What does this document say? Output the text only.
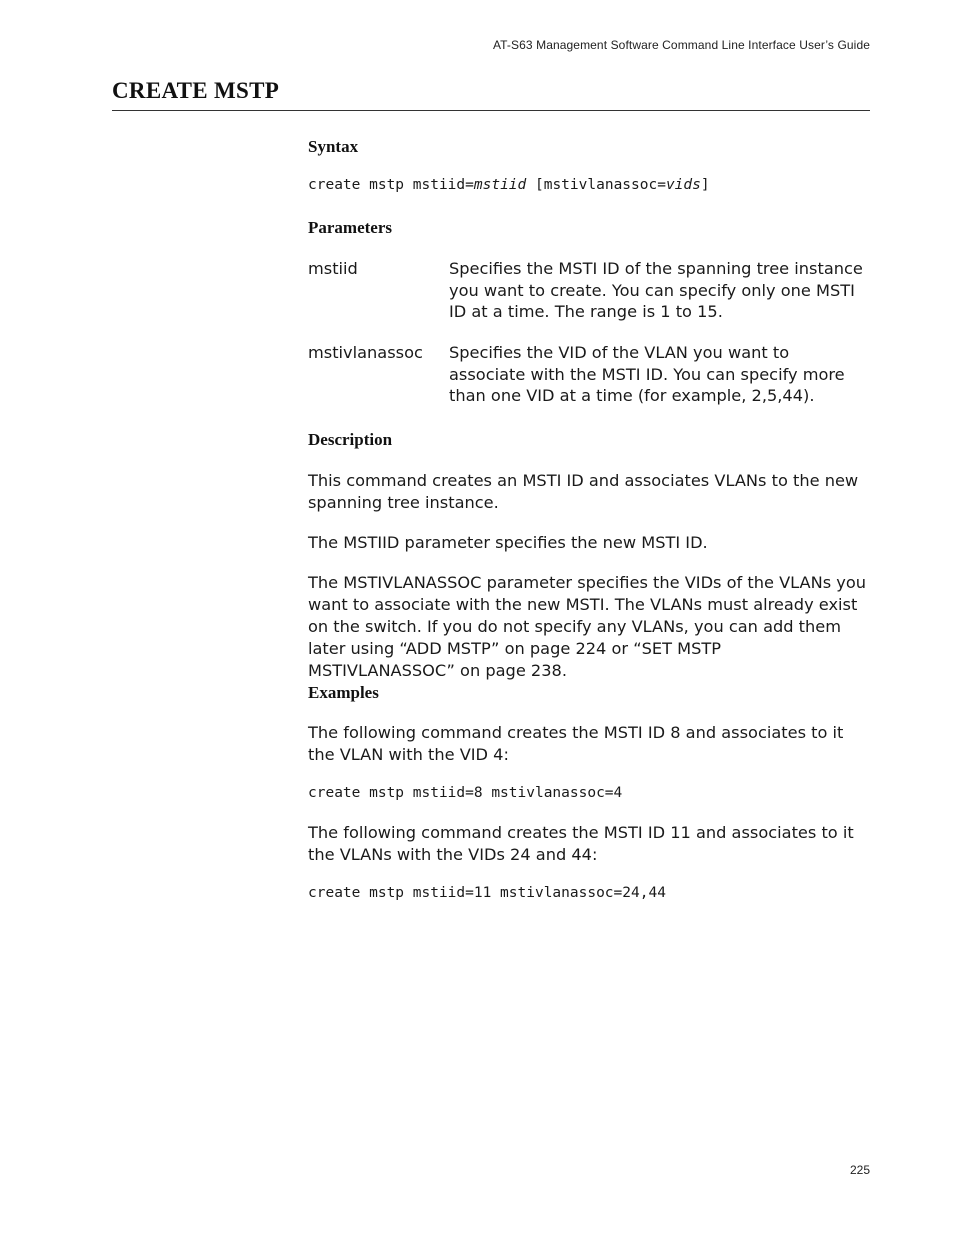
AT-S63 Management Software Command Line Interface User’s Guide
CREATE MSTP
Syntax
create mstp mstiid=mstiid [mstivlanassoc=vids]
Parameters
mstiid	Specifies the MSTI ID of the spanning tree instance you want to create. You can specify only one MSTI ID at a time. The range is 1 to 15.

mstivlanassoc Specifies the VID of the VLAN you want to associate with the MSTI ID. You can specify more than one VID at a time (for example, 2,5,44).

Description

This command creates an MSTI ID and associates VLANs to the new spanning tree instance.

The MSTIID parameter specifies the new MSTI ID.

The MSTIVLANASSOC parameter specifies the VIDs of the VLANs you want to associate with the new MSTI. The VLANs must already exist on the switch. If you do not specify any VLANs, you can add them later using “ADD MSTP” on page 224 or “SET MSTP MSTIVLANASSOC” on page 238.

Examples

The following command creates the MSTI ID 8 and associates to it the VLAN with the VID 4:

create mstp mstiid=8 mstivlanassoc=4

The following command creates the MSTI ID 11 and associates to it the VLANs with the VIDs 24 and 44:

create mstp mstiid=11 mstivlanassoc=24,44
225
